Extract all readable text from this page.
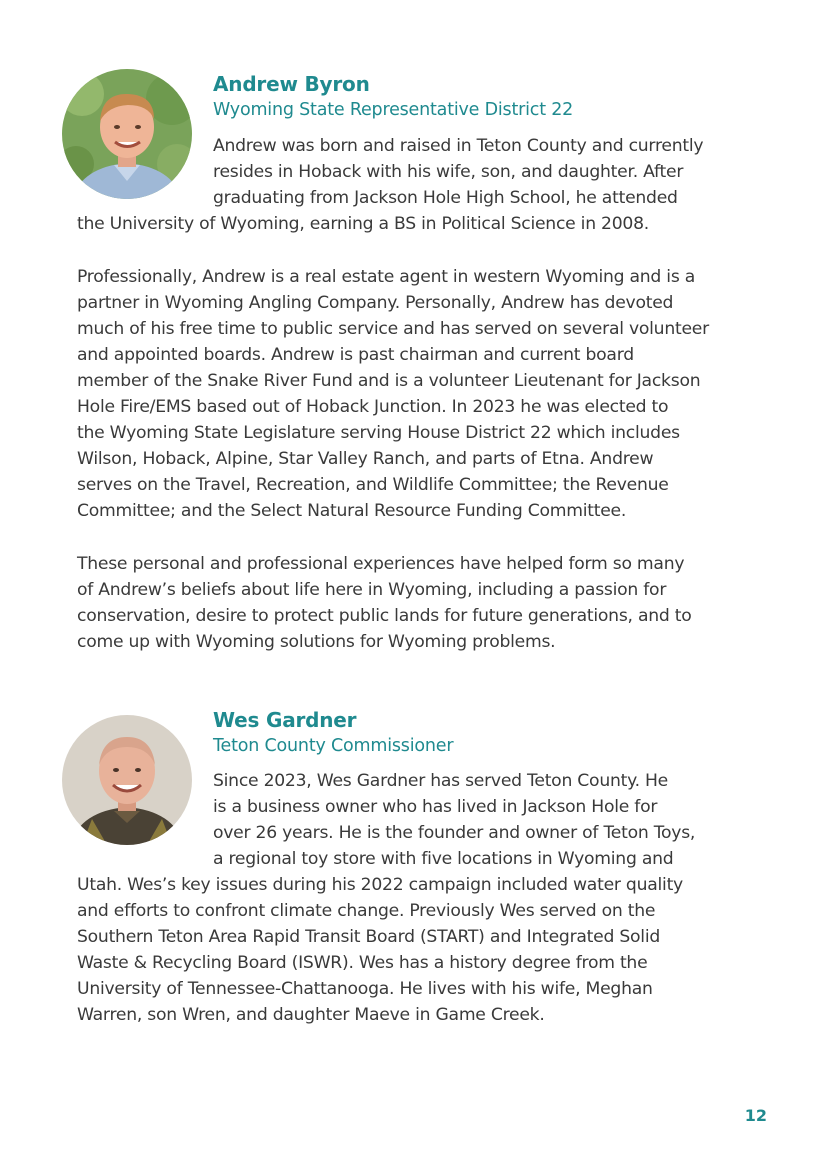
Andrew Byron

Wyoming State Representative District 22

Andrew was born and raised in Teton County and currently

resides in Hoback with his wife, son, and daughter. After

graduating from Jackson Hole High School, he attended

the University of Wyoming, earning a BS in Political Science in 2008.

Professionally, Andrew is a real estate agent in western Wyoming and is a

partner in Wyoming Angling Company. Personally, Andrew has devoted

much of his free time to public service and has served on several volunteer

and appointed boards. Andrew is past chairman and current board

member of the Snake River Fund and is a volunteer Lieutenant for Jackson

Hole Fire/EMS based out of Hoback Junction. In 2023 he was elected to

the Wyoming State Legislature serving House District 22 which includes

Wilson, Hoback, Alpine, Star Valley Ranch, and parts of Etna. Andrew

serves on the Travel, Recreation, and Wildlife Committee; the Revenue

Committee; and the Select Natural Resource Funding Committee.

These personal and professional experiences have helped form so many

of Andrew’s beliefs about life here in Wyoming, including a passion for

conservation, desire to protect public lands for future generations, and to

come up with Wyoming solutions for Wyoming problems.

Wes Gardner

Teton County Commissioner

Since 2023, Wes Gardner has served Teton County. He

is a business owner who has lived in Jackson Hole for

over 26 years. He is the founder and owner of Teton Toys,

a regional toy store with five locations in Wyoming and

Utah. Wes’s key issues during his 2022 campaign included water quality

and efforts to confront climate change. Previously Wes served on the

Southern Teton Area Rapid Transit Board (START) and Integrated Solid

Waste & Recycling Board (ISWR). Wes has a history degree from the

University of Tennessee-Chattanooga. He lives with his wife, Meghan

Warren, son Wren, and daughter Maeve in Game Creek.

12
